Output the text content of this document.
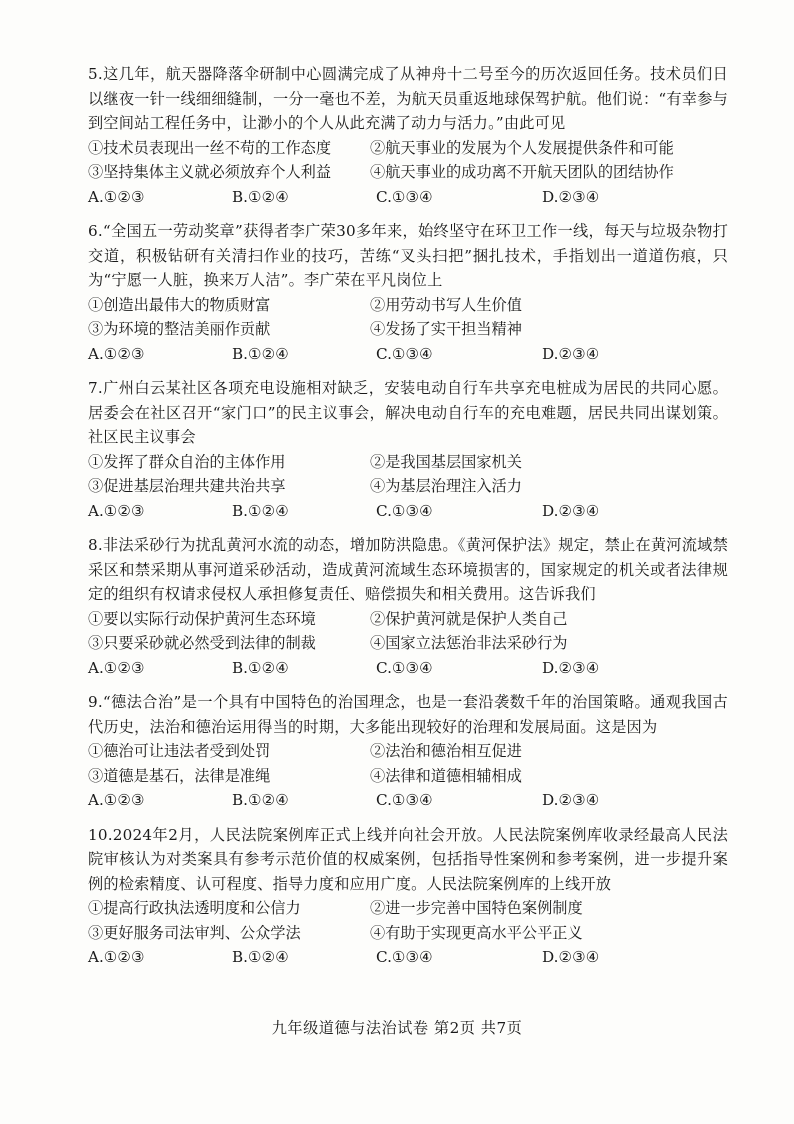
5.这几年，航天器降落伞研制中心圆满完成了从神舟十二号至今的历次返回任务。技术员们日以继夜一针一线细细缝制，一分一毫也不差，为航天员重返地球保驾护航。他们说：“有幸参与到空间站工程任务中，让渺小的个人从此充满了动力与活力。”由此可见

①技术员表现出一丝不苟的工作态度	②航天事业的发展为个人发展提供条件和可能
③坚持集体主义就必须放弃个人利益	④航天事业的成功离不开航天团队的团结协作
A.①②③	B.①②④	C.①③④	D.②③④

6.“全国五一劳动奖章”获得者李广荣30多年来，始终坚守在环卫工作一线，每天与垃圾杂物打交道，积极钻研有关清扫作业的技巧，苦练“叉头扫把”捆扎技术，手指划出一道道伤痕，只为“宁愿一人脏，换来万人洁”。李广荣在平凡岗位上

①创造出最伟大的物质财富	②用劳动书写人生价值
③为环境的整洁美丽作贡献	④发扬了实干担当精神
A.①②③	B.①②④	C.①③④	D.②③④

7.广州白云某社区各项充电设施相对缺乏，安装电动自行车共享充电桩成为居民的共同心愿。居委会在社区召开“家门口”的民主议事会，解决电动自行车的充电难题，居民共同出谋划策。社区民主议事会

①发挥了群众自治的主体作用	②是我国基层国家机关
③促进基层治理共建共治共享	④为基层治理注入活力
A.①②③	B.①②④	C.①③④	D.②③④

8.非法采砂行为扰乱黄河水流的动态，增加防洪隐患。《黄河保护法》规定，禁止在黄河流域禁采区和禁采期从事河道采砂活动，造成黄河流域生态环境损害的，国家规定的机关或者法律规定的组织有权请求侵权人承担修复责任、赔偿损失和相关费用。这告诉我们

①要以实际行动保护黄河生态环境	②保护黄河就是保护人类自己
③只要采砂就必然受到法律的制裁	④国家立法惩治非法采砂行为
A.①②③	B.①②④	C.①③④	D.②③④

9.“德法合治”是一个具有中国特色的治国理念，也是一套沿袭数千年的治国策略。通观我国古代历史，法治和德治运用得当的时期，大多能出现较好的治理和发展局面。这是因为

①德治可让违法者受到处罚	②法治和德治相互促进
③道德是基石，法律是准绳	④法律和道德相辅相成
A.①②③	B.①②④	C.①③④	D.②③④

10.2024年2月，人民法院案例库正式上线并向社会开放。人民法院案例库收录经最高人民法院审核认为对类案具有参考示范价值的权威案例，包括指导性案例和参考案例，进一步提升案例的检索精度、认可程度、指导力度和应用广度。人民法院案例库的上线开放

①提高行政执法透明度和公信力	②进一步完善中国特色案例制度
③更好服务司法审判、公众学法	④有助于实现更高水平公平正义
A.①②③	B.①②④	C.①③④	D.②③④
九年级道德与法治试卷 第2页 共7页
